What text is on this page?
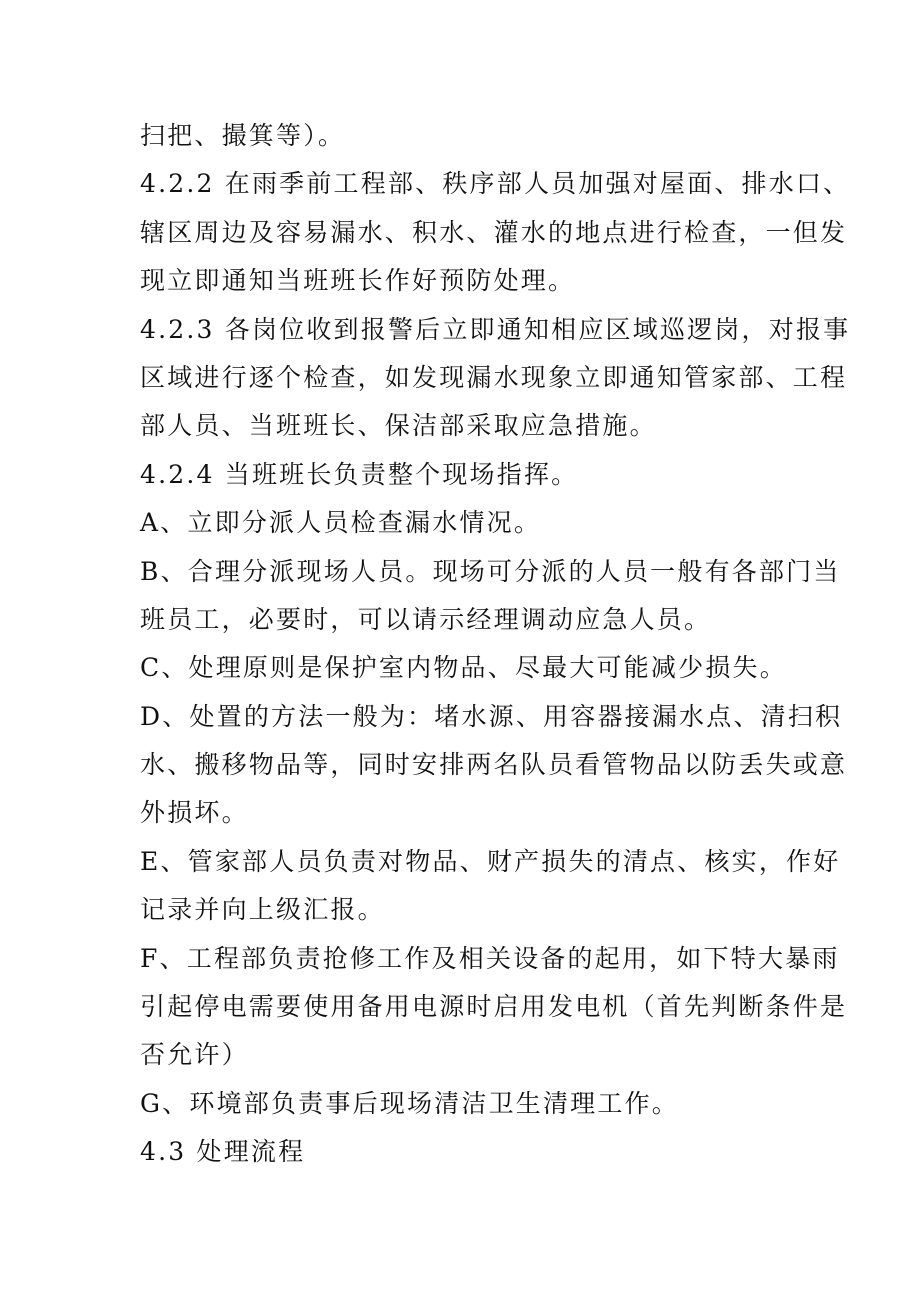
扫把、撮箕等）。
4.2.2 在雨季前工程部、秩序部人员加强对屋面、排水口、
辖区周边及容易漏水、积水、灌水的地点进行检查，一但发
现立即通知当班班长作好预防处理。
4.2.3 各岗位收到报警后立即通知相应区域巡逻岗，对报事
区域进行逐个检查，如发现漏水现象立即通知管家部、工程
部人员、当班班长、保洁部采取应急措施。
4.2.4 当班班长负责整个现场指挥。
A、立即分派人员检查漏水情况。
B、合理分派现场人员。现场可分派的人员一般有各部门当
班员工，必要时，可以请示经理调动应急人员。
C、处理原则是保护室内物品、尽最大可能减少损失。
D、处置的方法一般为：堵水源、用容器接漏水点、清扫积
水、搬移物品等，同时安排两名队员看管物品以防丢失或意
外损坏。
E、管家部人员负责对物品、财产损失的清点、核实，作好
记录并向上级汇报。
F、工程部负责抢修工作及相关设备的起用，如下特大暴雨
引起停电需要使用备用电源时启用发电机（首先判断条件是
否允许）
G、环境部负责事后现场清洁卫生清理工作。
4.3 处理流程
